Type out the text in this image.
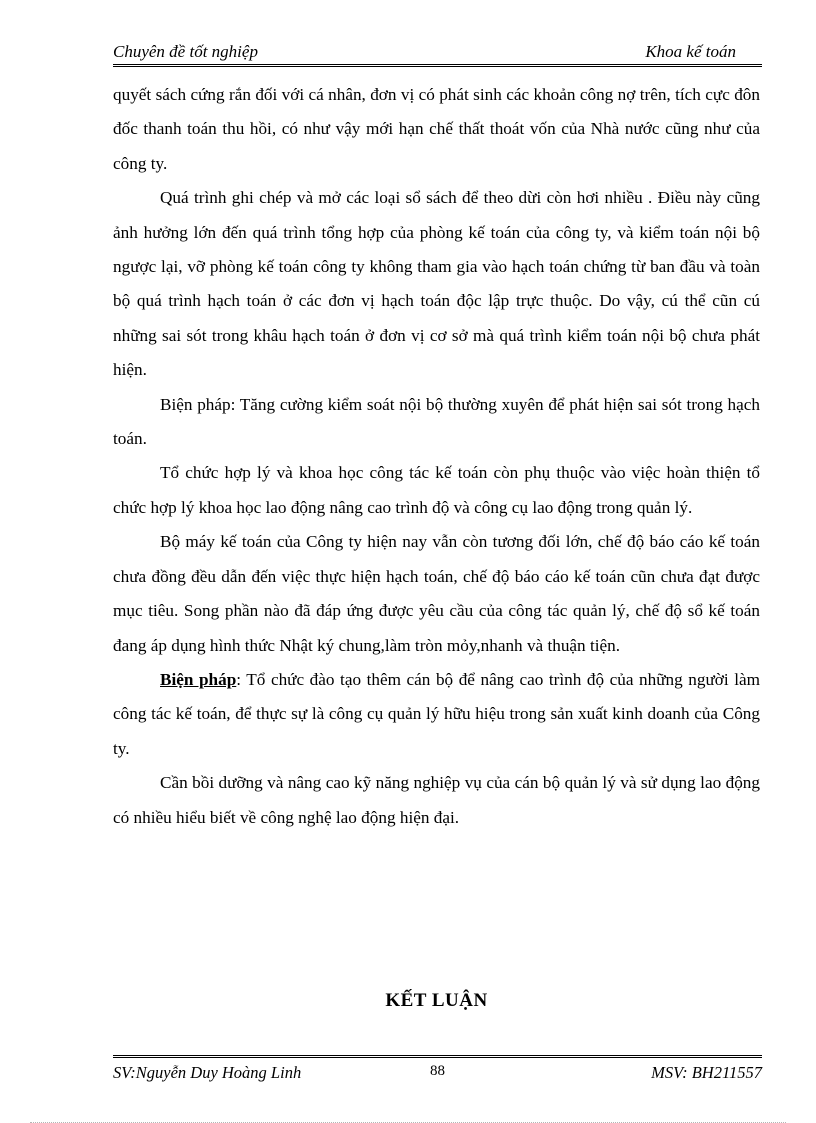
Chuyên đề tốt nghiệp	Khoa kế toán

quyết sách cứng rắn đối với cá nhân, đơn vị có phát sinh các khoản công nợ trên, tích cực đôn đốc thanh toán thu hồi, có như vậy mới hạn chế thất thoát vốn của Nhà nước cũng như của công ty.

Quá trình ghi chép và mở các loại sổ sách để theo dừi còn hơi nhiều . Điều này cũng ảnh hưởng lớn đến quá trình tổng hợp của phòng kế toán của công ty, và kiểm toán nội bộ ngược lại, vỡ phòng kế toán công ty không tham gia vào hạch toán chứng từ ban đầu và toàn bộ quá trình hạch toán ở các đơn vị hạch toán độc lập trực thuộc. Do vậy, cú thể cũn cú những sai sót trong khâu hạch toán ở đơn vị cơ sở mà quá trình kiểm toán nội bộ chưa phát hiện.

Biện pháp: Tăng cường kiểm soát nội bộ thường xuyên để phát hiện sai sót trong hạch toán.

Tổ chức hợp lý và khoa học công tác kế toán còn phụ thuộc vào việc hoàn thiện tổ chức hợp lý khoa học lao động nâng cao trình độ và công cụ lao động trong quản lý.

Bộ máy kế toán của Công ty hiện nay vẫn còn tương đối lớn, chế độ báo cáo kế toán chưa đồng đều dẫn đến việc thực hiện hạch toán, chế độ báo cáo kế toán cũn chưa đạt được mục tiêu. Song phần nào đã đáp ứng được yêu cầu của công tác quản lý, chế độ sổ kế toán đang áp dụng hình thức Nhật ký chung,làm tròn mỏy,nhanh và thuận tiện.

Biện pháp: Tổ chức đào tạo thêm cán bộ để nâng cao trình độ của những người làm công tác kế toán, để thực sự là công cụ quản lý hữu hiệu trong sản xuất kinh doanh của Công ty.

Cần bồi dưỡng và nâng cao kỹ năng nghiệp vụ của cán bộ quản lý và sử dụng lao động có nhiều hiểu biết về công nghệ lao động hiện đại.

KẾT LUẬN
SV:Nguyễn Duy Hoàng Linh	88	MSV: BH211557
